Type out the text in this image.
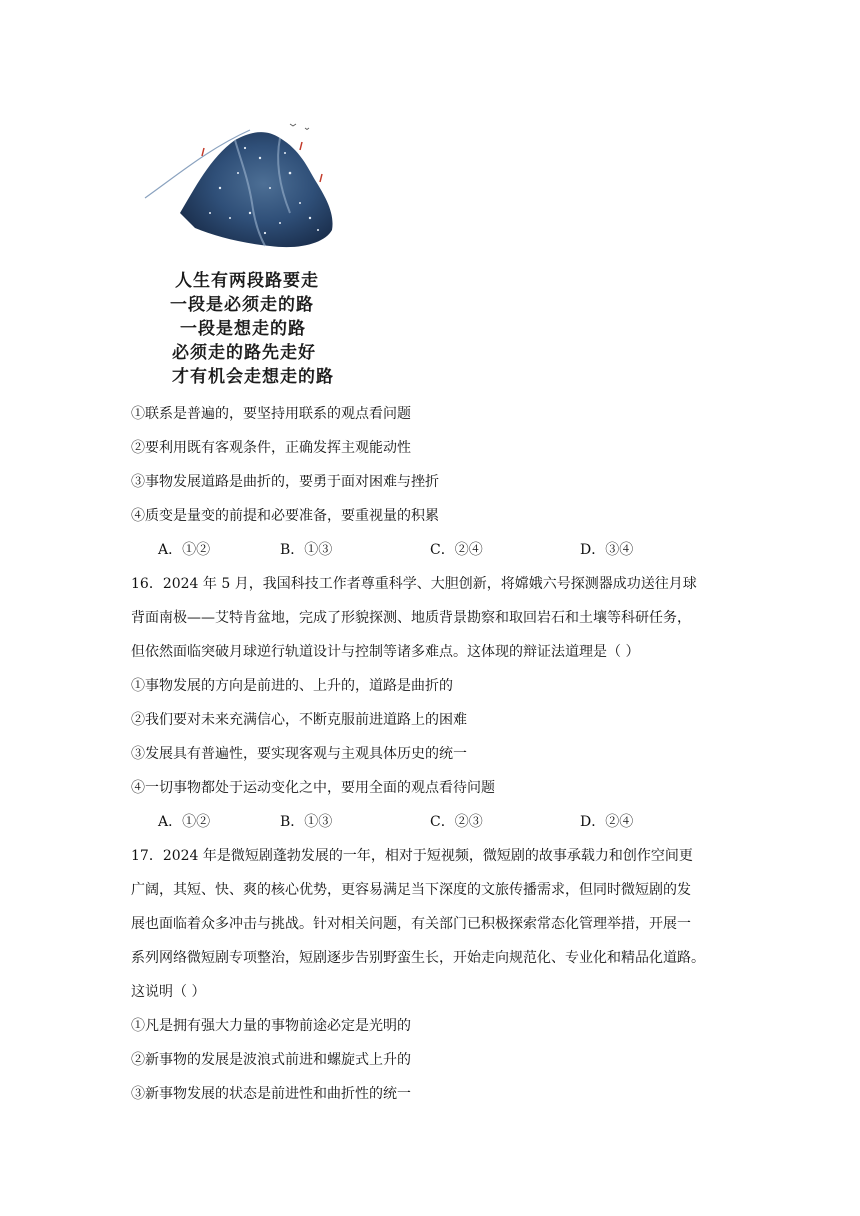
人生有两段路要走
一段是必须走的路
一段是想走的路
必须走的路先走好
才有机会走想走的路
①联系是普遍的，要坚持用联系的观点看问题
②要利用既有客观条件，正确发挥主观能动性
③事物发展道路是曲折的，要勇于面对困难与挫折
④质变是量变的前提和必要准备，要重视量的积累
A．①②	B．①③	C．②④	D．③④
16．2024 年 5 月，我国科技工作者尊重科学、大胆创新，将嫦娥六号探测器成功送往月球
背面南极——艾特肯盆地，完成了形貌探测、地质背景勘察和取回岩石和土壤等科研任务，
但依然面临突破月球逆行轨道设计与控制等诸多难点。这体现的辩证法道理是（ ）
①事物发展的方向是前进的、上升的，道路是曲折的
②我们要对未来充满信心，不断克服前进道路上的困难
③发展具有普遍性，要实现客观与主观具体历史的统一
④一切事物都处于运动变化之中，要用全面的观点看待问题
A．①②	B．①③	C．②③	D．②④
17．2024 年是微短剧蓬勃发展的一年，相对于短视频，微短剧的故事承载力和创作空间更
广阔，其短、快、爽的核心优势，更容易满足当下深度的文旅传播需求，但同时微短剧的发
展也面临着众多冲击与挑战。针对相关问题，有关部门已积极探索常态化管理举措，开展一
系列网络微短剧专项整治，短剧逐步告别野蛮生长，开始走向规范化、专业化和精品化道路。
这说明（ ）
①凡是拥有强大力量的事物前途必定是光明的
②新事物的发展是波浪式前进和螺旋式上升的
③新事物发展的状态是前进性和曲折性的统一
